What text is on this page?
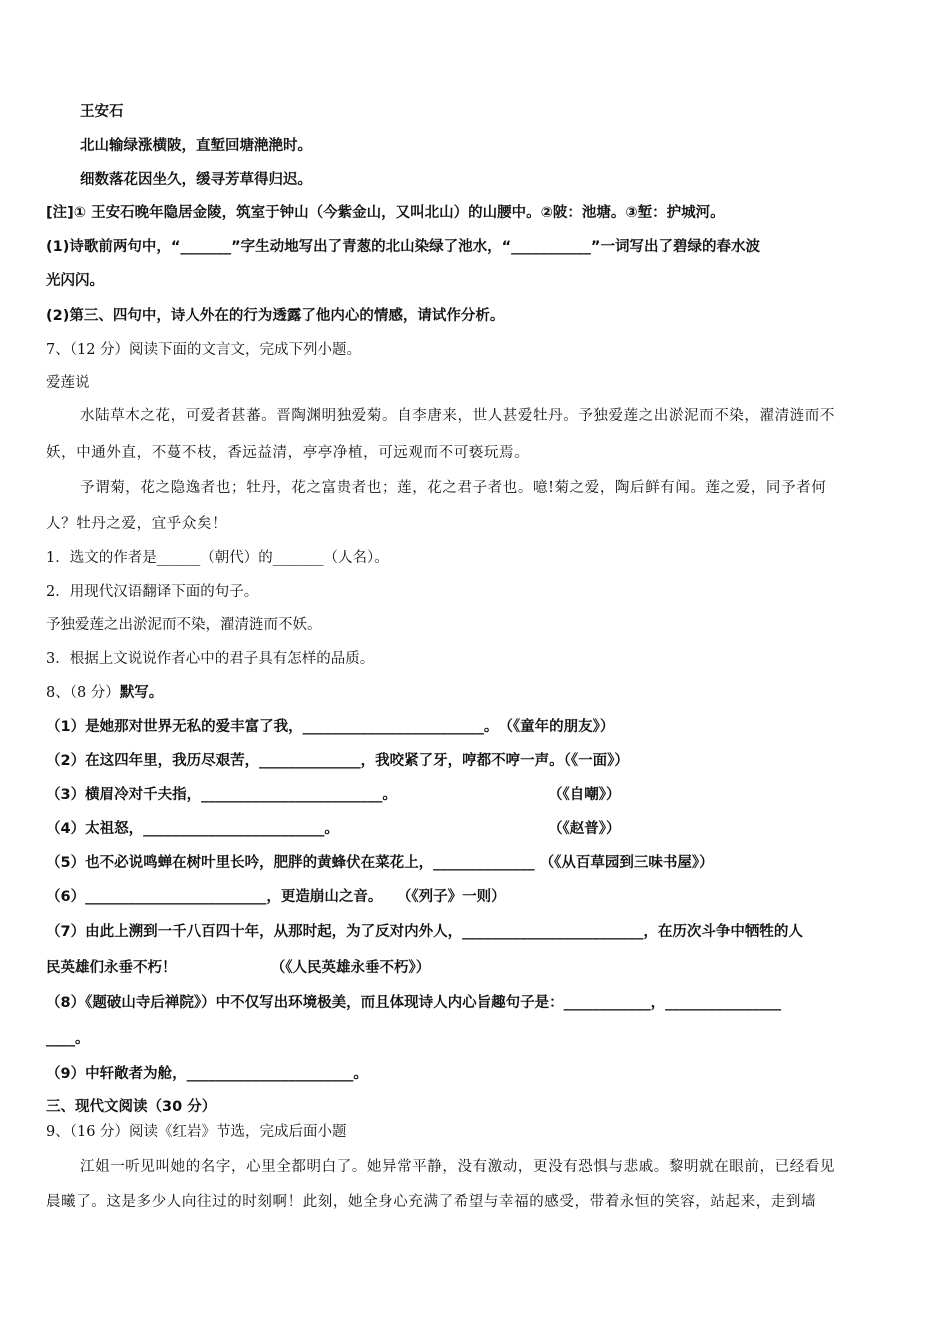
王安石
北山输绿涨横陂，直堑回塘滟滟时。
细数落花因坐久，缓寻芳草得归迟。
[注]① 王安石晚年隐居金陵，筑室于钟山（今紫金山，又叫北山）的山腰中。②陂：池塘。③堑：护城河。
(1)诗歌前两句中，“_______”字生动地写出了青葱的北山染绿了池水，“___________”一词写出了碧绿的春水波
光闪闪。
(2)第三、四句中，诗人外在的行为透露了他内心的情感，请试作分析。
7、（12 分）阅读下面的文言文，完成下列小题。
爱莲说
水陆草木之花，可爱者甚蕃。晋陶渊明独爱菊。自李唐来，世人甚爱牡丹。予独爱莲之出淤泥而不染，濯清涟而不
妖，中通外直，不蔓不枝，香远益清，亭亭净植，可远观而不可亵玩焉。
予谓菊，花之隐逸者也；牡丹，花之富贵者也；莲，花之君子者也。噫!菊之爱，陶后鲜有闻。莲之爱，同予者何
人？牡丹之爱，宜乎众矣！
1．选文的作者是______（朝代）的_______（人名）。
2．用现代汉语翻译下面的句子。
予独爱莲之出淤泥而不染，濯清涟而不妖。
3．根据上文说说作者心中的君子具有怎样的品质。
8、（8 分）默写。
（1）是她那对世界无私的爱丰富了我，_________________________。　（《童年的朋友》）
（2）在这四年里，我历尽艰苦，______________，我咬紧了牙，哼都不哼一声。（《一面》）
（3）横眉冷对千夫指，_________________________。	（《自嘲》）
（4）太祖怒，_________________________。	（《赵普》）
（5）也不必说鸣蝉在树叶里长吟，肥胖的黄蜂伏在菜花上，______________ （《从百草园到三味书屋》）
（6）_________________________，更造崩山之音。　　（《列子》一则）
（7）由此上溯到一千八百四十年，从那时起，为了反对内外人，_________________________，在历次斗争中牺牲的人
民英雄们永垂不朽！　　　　　　　（《人民英雄永垂不朽》）
（8）《题破山寺后禅院》）中不仅写出环境极美，而且体现诗人内心旨趣句子是：____________，________________
____。
（9）中轩敞者为舱，_______________________。
三、现代文阅读（30 分）
9、（16 分）阅读《红岩》节选，完成后面小题
江姐一听见叫她的名字，心里全都明白了。她异常平静，没有激动，更没有恐惧与悲戚。黎明就在眼前，已经看见
晨曦了。这是多少人向往过的时刻啊！此刻，她全身心充满了希望与幸福的感受，带着永恒的笑容，站起来，走到墙
